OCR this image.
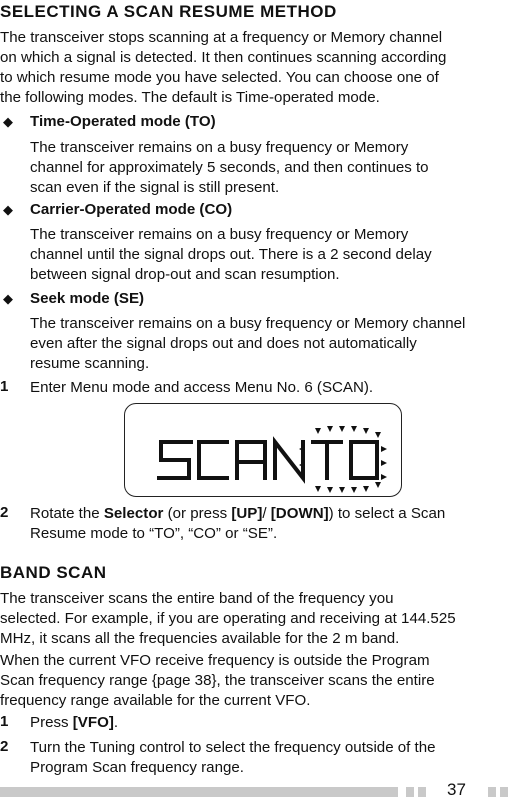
SELECTING A SCAN RESUME METHOD
The transceiver stops scanning at a frequency or Memory channel
on which a signal is detected. It then continues scanning according
to which resume mode you have selected. You can choose one of
the following modes. The default is Time-operated mode.
◆ Time-Operated mode (TO)
The transceiver remains on a busy frequency or Memory
channel for approximately 5 seconds, and then continues to
scan even if the signal is still present.
◆ Carrier-Operated mode (CO)
The transceiver remains on a busy frequency or Memory
channel until the signal drops out. There is a 2 second delay
between signal drop-out and scan resumption.
◆ Seek mode (SE)
The transceiver remains on a busy frequency or Memory channel
even after the signal drops out and does not automatically
resume scanning.
1 Enter Menu mode and access Menu No. 6 (SCAN).
2 Rotate the Selector (or press [UP]/ [DOWN]) to select a Scan
Resume mode to “TO”, “CO” or “SE”.
BAND SCAN
The transceiver scans the entire band of the frequency you
selected. For example, if you are operating and receiving at 144.525
MHz, it scans all the frequencies available for the 2 m band.
When the current VFO receive frequency is outside the Program
Scan frequency range {page 38}, the transceiver scans the entire
frequency range available for the current VFO.
1 Press [VFO].
2 Turn the Tuning control to select the frequency outside of the
Program Scan frequency range.
37
